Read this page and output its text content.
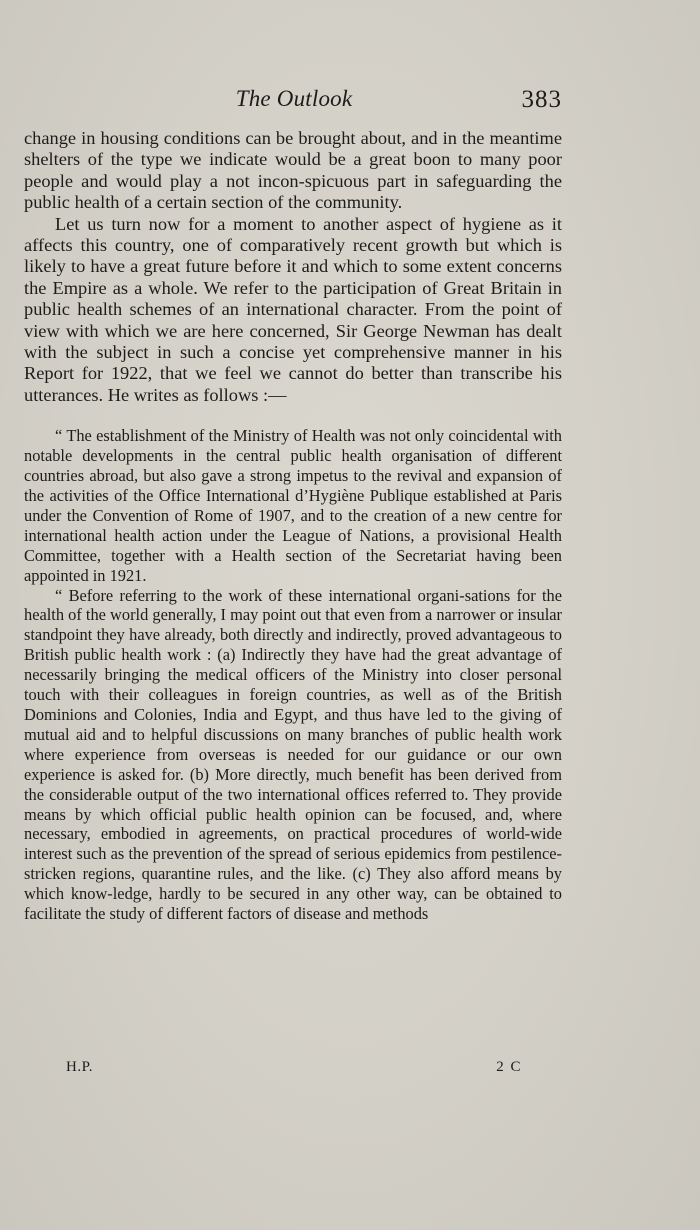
The Outlook	383

change in housing conditions can be brought about, and in the meantime shelters of the type we indicate would be a great boon to many poor people and would play a not incon-spicuous part in safeguarding the public health of a certain section of the community.

Let us turn now for a moment to another aspect of hygiene as it affects this country, one of comparatively recent growth but which is likely to have a great future before it and which to some extent concerns the Empire as a whole. We refer to the participation of Great Britain in public health schemes of an international character. From the point of view with which we are here concerned, Sir George Newman has dealt with the subject in such a concise yet comprehensive manner in his Report for 1922, that we feel we cannot do better than transcribe his utterances. He writes as follows :—

“ The establishment of the Ministry of Health was not only coincidental with notable developments in the central public health organisation of different countries abroad, but also gave a strong impetus to the revival and expansion of the activities of the Office International d’Hygiène Publique established at Paris under the Convention of Rome of 1907, and to the creation of a new centre for international health action under the League of Nations, a provisional Health Committee, together with a Health section of the Secretariat having been appointed in 1921.

“ Before referring to the work of these international organi-sations for the health of the world generally, I may point out that even from a narrower or insular standpoint they have already, both directly and indirectly, proved advantageous to British public health work : (a) Indirectly they have had the great advantage of necessarily bringing the medical officers of the Ministry into closer personal touch with their colleagues in foreign countries, as well as of the British Dominions and Colonies, India and Egypt, and thus have led to the giving of mutual aid and to helpful discussions on many branches of public health work where experience from overseas is needed for our guidance or our own experience is asked for. (b) More directly, much benefit has been derived from the considerable output of the two international offices referred to. They provide means by which official public health opinion can be focused, and, where necessary, embodied in agreements, on practical procedures of world-wide interest such as the prevention of the spread of serious epidemics from pestilence-stricken regions, quarantine rules, and the like. (c) They also afford means by which know-ledge, hardly to be secured in any other way, can be obtained to facilitate the study of different factors of disease and methods

H.P.	2 C
